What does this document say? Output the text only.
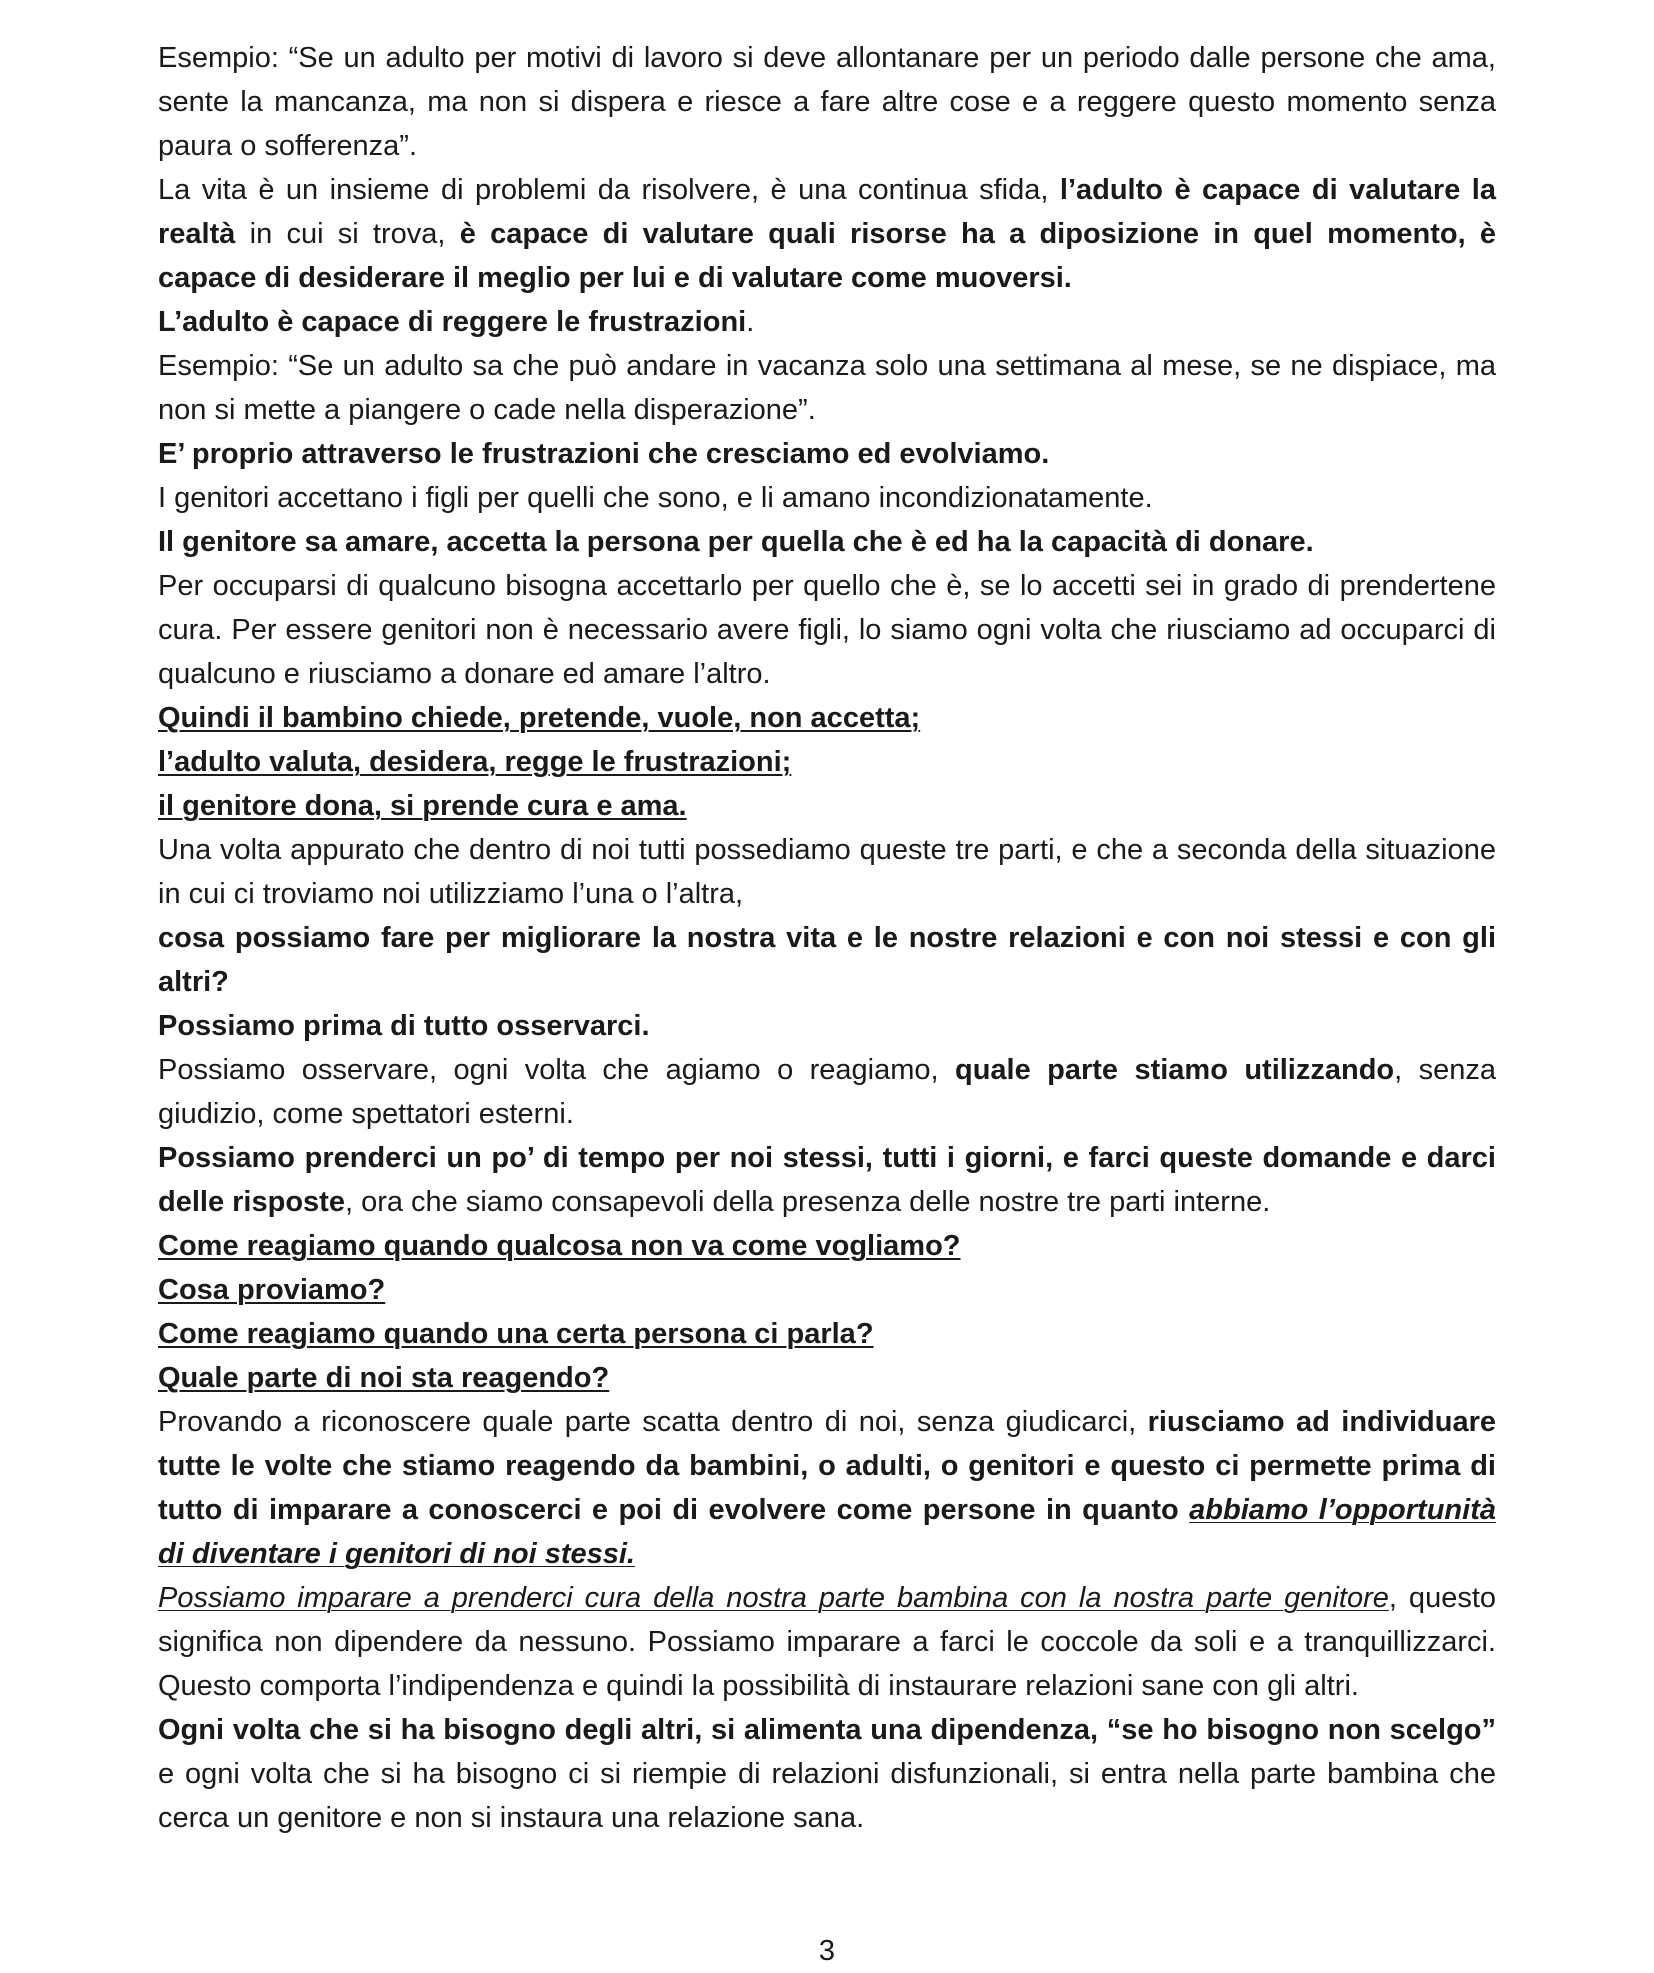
Esempio: “Se un adulto per motivi di lavoro si deve allontanare per un periodo dalle persone che ama, sente la mancanza, ma non si dispera e riesce a fare altre cose e a reggere questo momento senza paura o sofferenza”.

La vita è un insieme di problemi da risolvere, è una continua sfida, l’adulto è capace di valutare la realtà in cui si trova, è capace di valutare quali risorse ha a diposizione in quel momento, è capace di desiderare il meglio per lui e di valutare come muoversi.

L’adulto è capace di reggere le frustrazioni.

Esempio: “Se un adulto sa che può andare in vacanza solo una settimana al mese, se ne dispiace, ma non si mette a piangere o cade nella disperazione”.

E’ proprio attraverso le frustrazioni che cresciamo ed evolviamo.

I genitori accettano i figli per quelli che sono, e li amano incondizionatamente.

Il genitore sa amare, accetta la persona per quella che è ed ha la capacità di donare.

Per occuparsi di qualcuno bisogna accettarlo per quello che è, se lo accetti sei in grado di prendertene cura. Per essere genitori non è necessario avere figli, lo siamo ogni volta che riusciamo ad occuparci di qualcuno e riusciamo a donare ed amare l’altro.

Quindi il bambino chiede, pretende, vuole, non accetta;

l’adulto valuta, desidera, regge le frustrazioni;

il genitore dona, si prende cura e ama.

Una volta appurato che dentro di noi tutti possediamo queste tre parti, e che a seconda della situazione in cui ci troviamo noi utilizziamo l’una o l’altra,

cosa possiamo fare per migliorare la nostra vita e le nostre relazioni e con noi stessi e con gli altri?

Possiamo prima di tutto osservarci.

Possiamo osservare, ogni volta che agiamo o reagiamo, quale parte stiamo utilizzando, senza giudizio, come spettatori esterni.

Possiamo prenderci un po’ di tempo per noi stessi, tutti i giorni, e farci queste domande e darci delle risposte, ora che siamo consapevoli della presenza delle nostre tre parti interne.

Come reagiamo quando qualcosa non va come vogliamo?

Cosa proviamo?

Come reagiamo quando una certa persona ci parla?

Quale parte di noi sta reagendo?

Provando a riconoscere quale parte scatta dentro di noi, senza giudicarci, riusciamo ad individuare tutte le volte che stiamo reagendo da bambini, o adulti, o genitori e questo ci permette prima di tutto di imparare a conoscerci e poi di evolvere come persone in quanto abbiamo l’opportunità di diventare i genitori di noi stessi.

Possiamo imparare a prenderci cura della nostra parte bambina con la nostra parte genitore, questo significa non dipendere da nessuno. Possiamo imparare a farci le coccole da soli e a tranquillizzarci. Questo comporta l’indipendenza e quindi la possibilità di instaurare relazioni sane con gli altri.

Ogni volta che si ha bisogno degli altri, si alimenta una dipendenza, “se ho bisogno non scelgo” e ogni volta che si ha bisogno ci si riempie di relazioni disfunzionali, si entra nella parte bambina che cerca un genitore e non si instaura una relazione sana.

3
